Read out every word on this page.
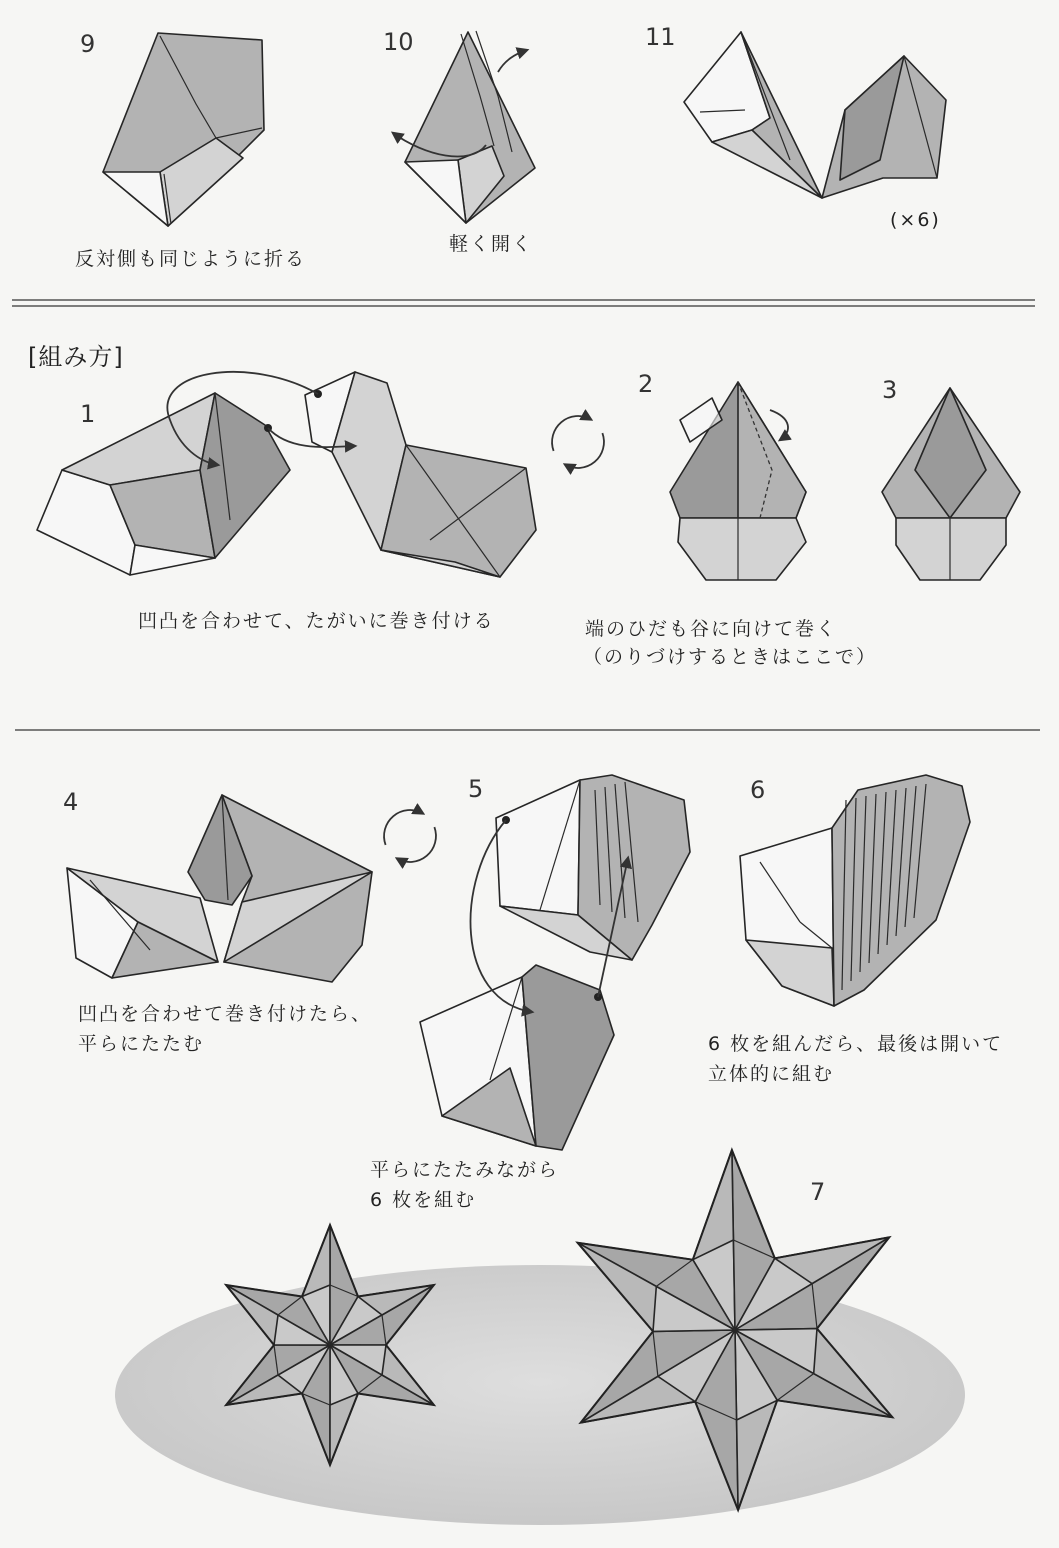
9
反対側も同じように折る
10
軽く開く
11
(×6)
[組み方]
1
凹凸を合わせて、たがいに巻き付ける
2
端のひだも谷に向けて巻く
（のりづけするときはここで）
3
4
凹凸を合わせて巻き付けたら、
平らにたたむ
5
平らにたたみながら
6 枚を組む
6
6 枚を組んだら、最後は開いて
立体的に組む
7
